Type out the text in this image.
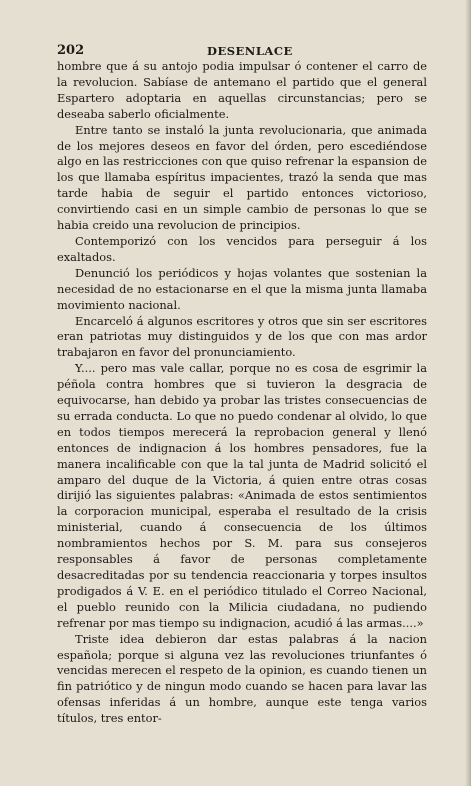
202	DESENLACE

hombre que á su antojo podia impulsar ó contener el carro de la revolucion. Sabíase de antemano el partido que el general Espartero adoptaria en aquellas circunstancias; pero se deseaba saberlo oficialmente.

Entre tanto se instaló la junta revolucionaria, que animada de los mejores deseos en favor del órden, pero escediéndose algo en las restricciones con que quiso refrenar la espansion de los que llamaba espíritus impacientes, trazó la senda que mas tarde habia de seguir el partido entonces victorioso, convirtiendo casi en un simple cambio de personas lo que se habia creido una revolucion de principios.

Contemporizó con los vencidos para perseguir á los exaltados.

Denunció los periódicos y hojas volantes que sostenian la necesidad de no estacionarse en el que la misma junta llamaba movimiento nacional.

Encarceló á algunos escritores y otros que sin ser escritores eran patriotas muy distinguidos y de los que con mas ardor trabajaron en favor del pronunciamiento.

Y.... pero mas vale callar, porque no es cosa de esgrimir la péñola contra hombres que si tuvieron la desgracia de equivocarse, han debido ya probar las tristes consecuencias de su errada conducta. Lo que no puedo condenar al olvido, lo que en todos tiempos merecerá la reprobacion general y llenó entonces de indignacion á los hombres pensadores, fue la manera incalificable con que la tal junta de Madrid solicitó el amparo del duque de la Victoria, á quien entre otras cosas dirijió las siguientes palabras: «Animada de estos sentimientos la corporacion municipal, esperaba el resultado de la crisis ministerial, cuando á consecuencia de los últimos nombramientos hechos por S. M. para sus consejeros responsables á favor de personas completamente desacreditadas por su tendencia reaccionaria y torpes insultos prodigados á V. E. en el periódico titulado el Correo Nacional, el pueblo reunido con la Milicia ciudadana, no pudiendo refrenar por mas tiempo su indignacion, acudió á las armas....»

Triste idea debieron dar estas palabras á la nacion española; porque si alguna vez las revoluciones triunfantes ó vencidas merecen el respeto de la opinion, es cuando tienen un fin patriótico y de ningun modo cuando se hacen para lavar las ofensas inferidas á un hombre, aunque este tenga varios títulos, tres entor-
